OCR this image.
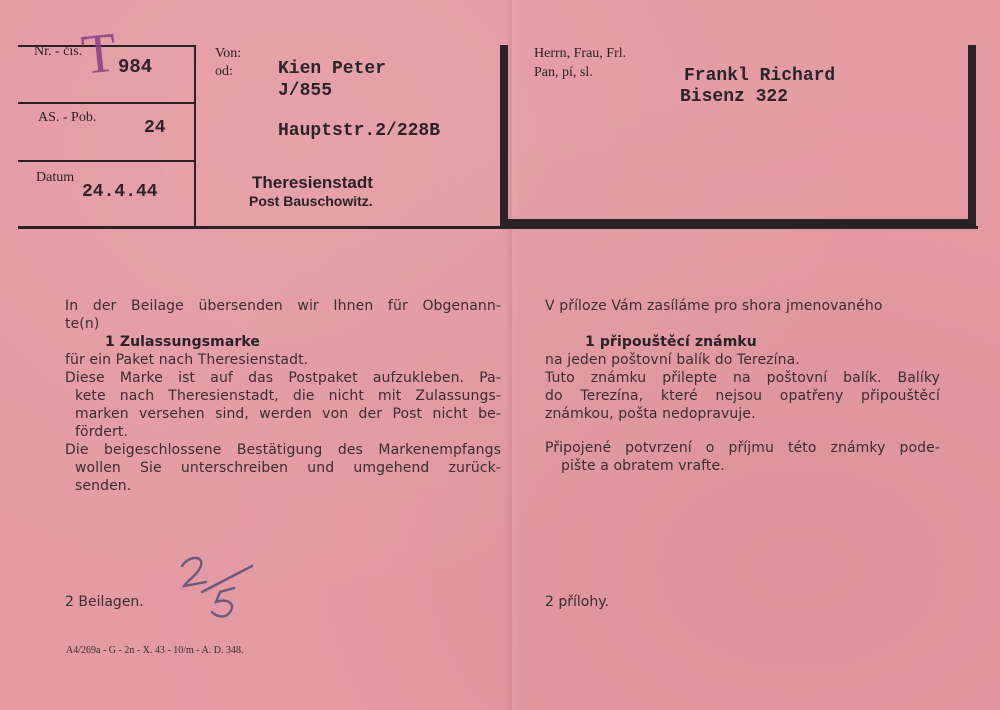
T
Nr. - čís.
984
AS. - Pob.
24
Datum
24.4.44
Von:
od:	Kien Peter
J/855
Hauptstr.2/228B
Theresienstadt
Post Bauschowitz.
Herrn, Frau, Frl.
Pan, pí, sl.	Frankl Richard
Bisenz 322
In der Beilage übersenden wir Ihnen für Obgenann-
te(n)
1 Zulassungsmarke
für ein Paket nach Theresienstadt.
Diese Marke ist auf das Postpaket aufzukleben. Pa-
kete nach Theresienstadt, die nicht mit Zulassungs-
marken versehen sind, werden von der Post nicht be-
fördert.
Die beigeschlossene Bestätigung des Markenempfangs
wollen Sie unterschreiben und umgehend zurück-
senden.
V příloze Vám zasíláme pro shora jmenovaného
1 připouštěcí známku
na jeden poštovní balík do Terezína.
Tuto známku přilepte na poštovní balík. Balíky
do Terezína, které nejsou opatřeny připouštěcí
známkou, pošta nedopravuje.
Připojené potvrzení o příjmu této známky pode-
pište a obratem vrafte.
2 Beilagen.	2 přílohy.
A4/269a - G - 2n - X. 43 - 10/m - A. D. 348.
